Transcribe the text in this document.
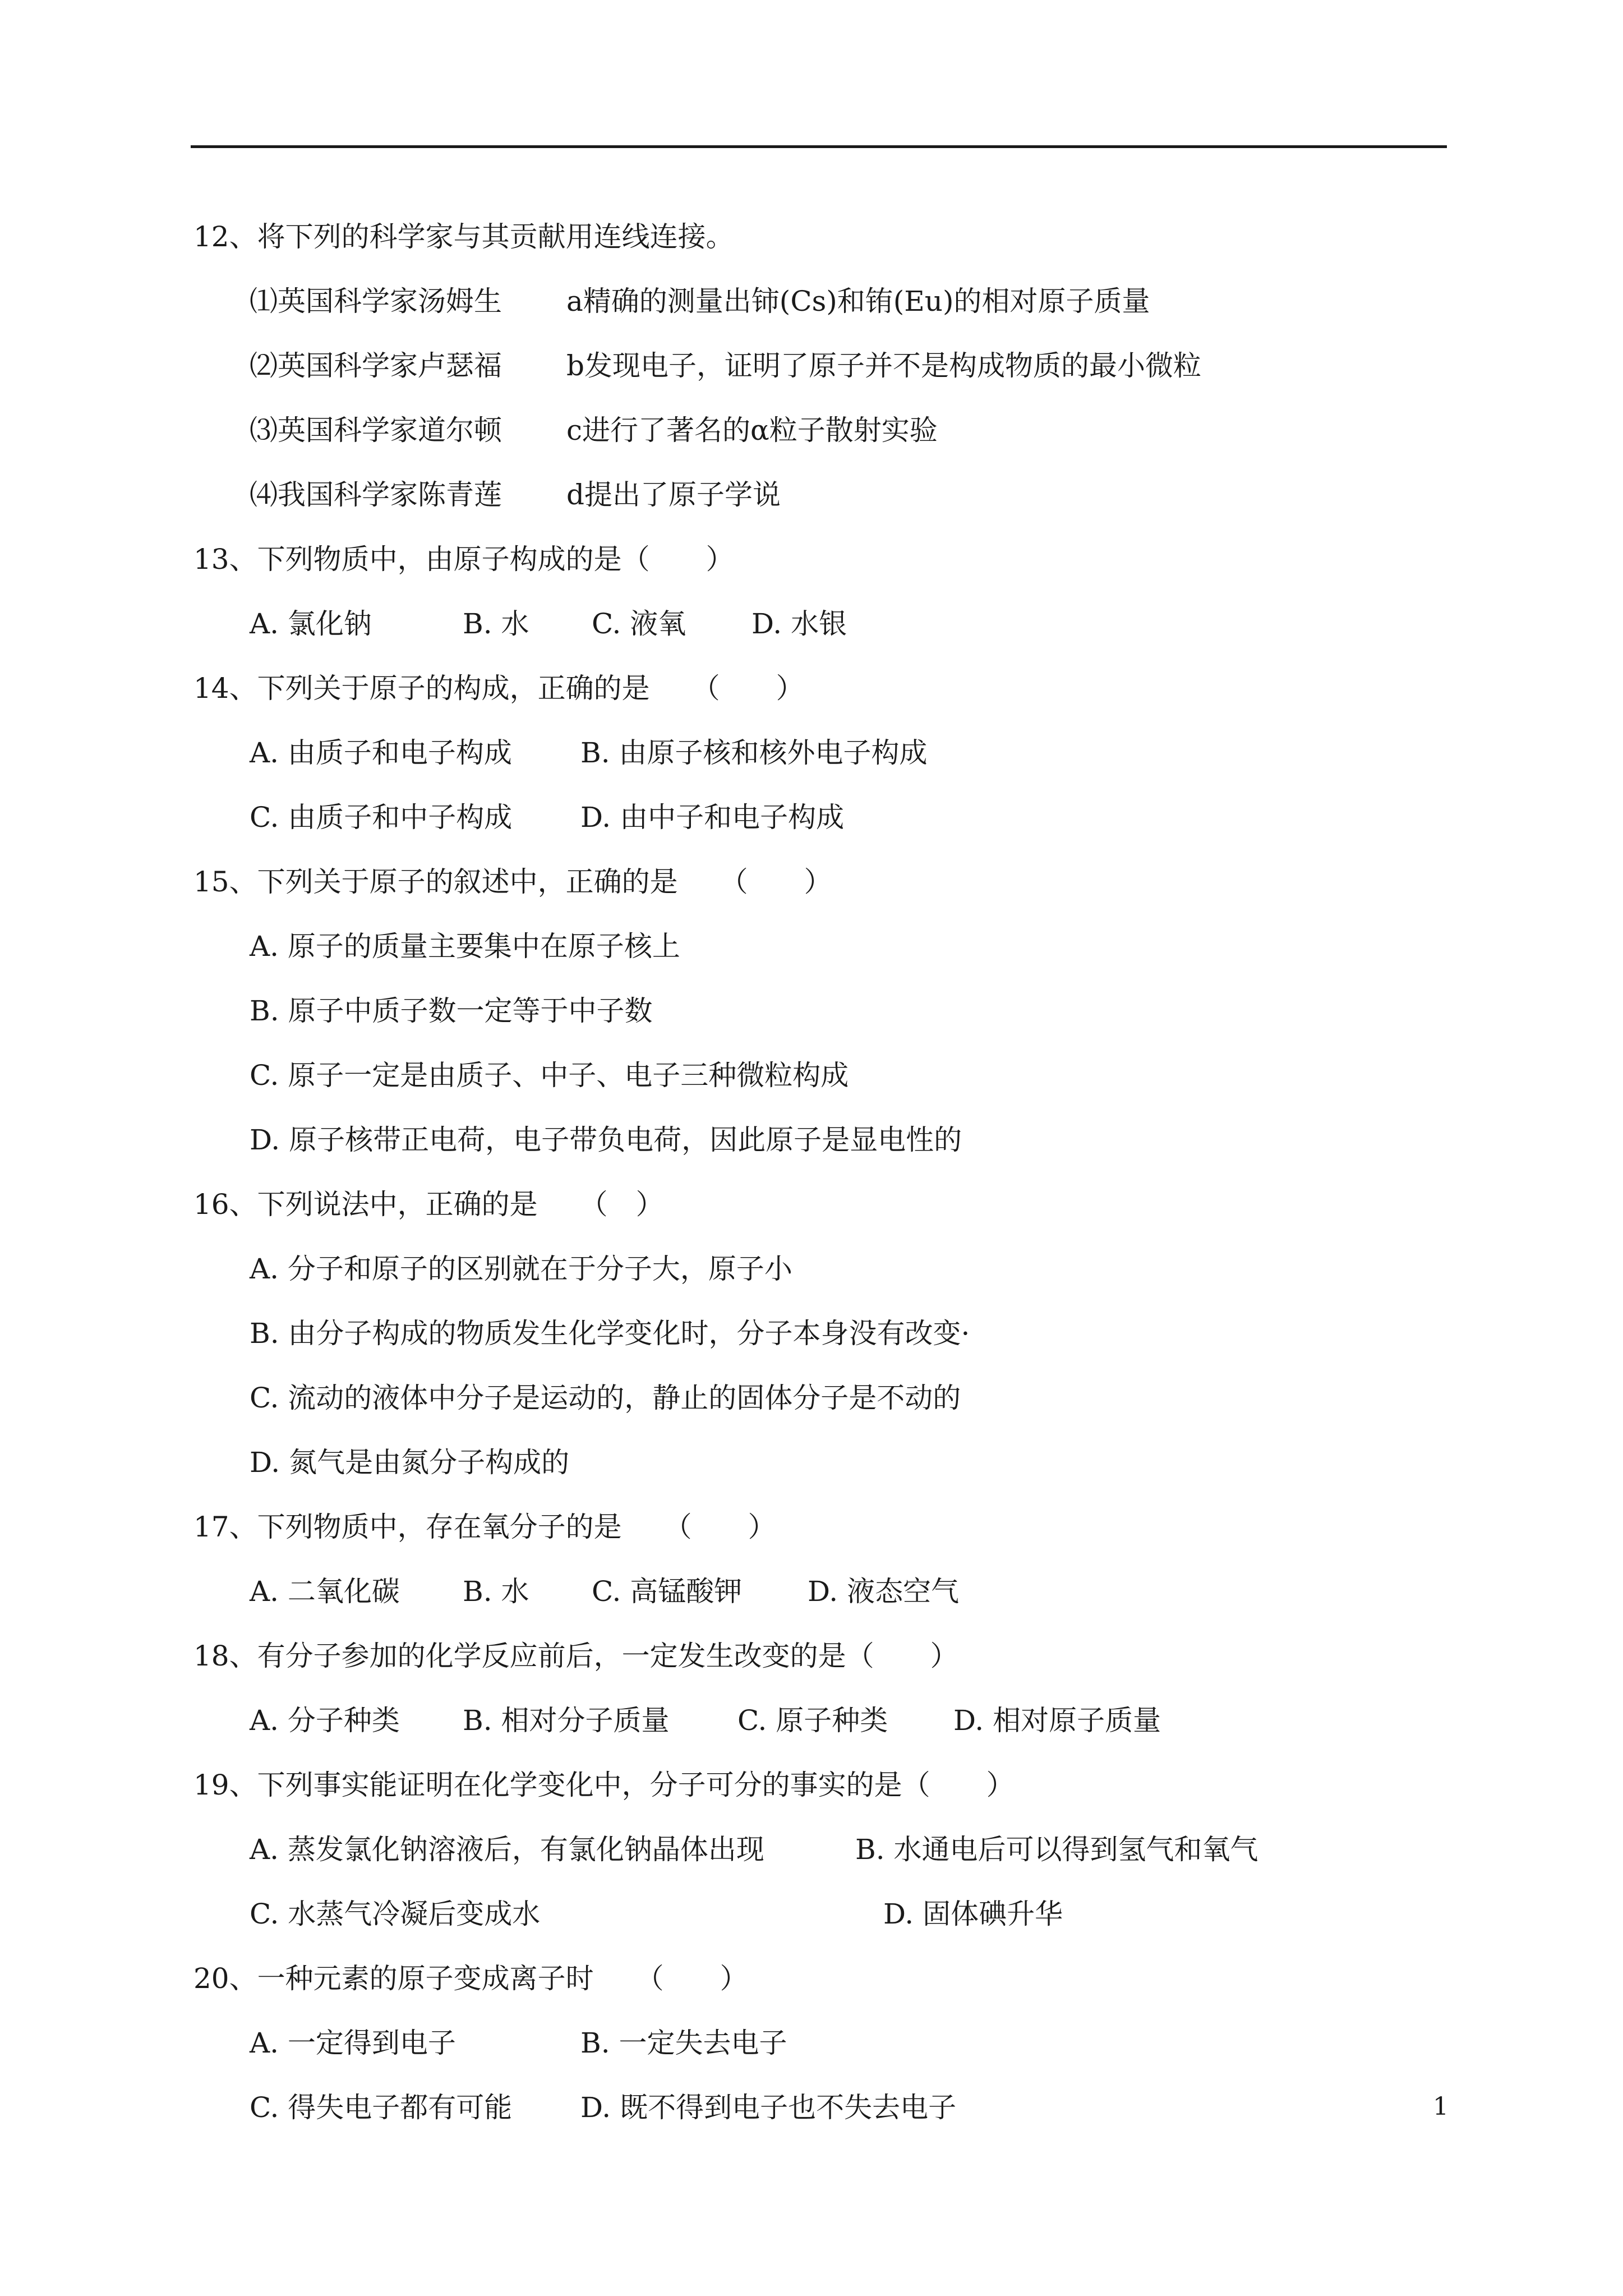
12、将下列的科学家与其贡献用连线连接。
⑴英国科学家汤姆生 a精确的测量出铈(Cs)和铕(Eu)的相对原子质量
⑵英国科学家卢瑟福 b发现电子，证明了原子并不是构成物质的最小微粒
⑶英国科学家道尔顿 c进行了著名的α粒子散射实验
⑷我国科学家陈青莲 d提出了原子学说
13、下列物质中，由原子构成的是（　　）
A. 氯化钠	B. 水 C. 液氧 D. 水银
14、下列关于原子的构成，正确的是　　（　　）
A. 由质子和电子构成 B. 由原子核和核外电子构成
C. 由质子和中子构成 D. 由中子和电子构成
15、下列关于原子的叙述中，正确的是　　（　　）
A. 原子的质量主要集中在原子核上
B. 原子中质子数一定等于中子数
C. 原子一定是由质子、中子、电子三种微粒构成
D. 原子核带正电荷，电子带负电荷，因此原子是显电性的
16、下列说法中，正确的是　　（　）
A. 分子和原子的区别就在于分子大，原子小
B. 由分子构成的物质发生化学变化时，分子本身没有改变·
C. 流动的液体中分子是运动的，静止的固体分子是不动的
D. 氮气是由氮分子构成的
17、下列物质中，存在氧分子的是　　（　　）
A. 二氧化碳 B. 水 C. 高锰酸钾 D. 液态空气
18、有分子参加的化学反应前后，一定发生改变的是（　　）
A. 分子种类 B. 相对分子质量 C. 原子种类 D. 相对原子质量
19、下列事实能证明在化学变化中，分子可分的事实的是（　　）
A. 蒸发氯化钠溶液后，有氯化钠晶体出现	B. 水通电后可以得到氢气和氧气
C. 水蒸气冷凝后变成水	D. 固体碘升华
20、一种元素的原子变成离子时　　（　　）
A. 一定得到电子	B. 一定失去电子
C. 得失电子都有可能 D. 既不得到电子也不失去电子	1
